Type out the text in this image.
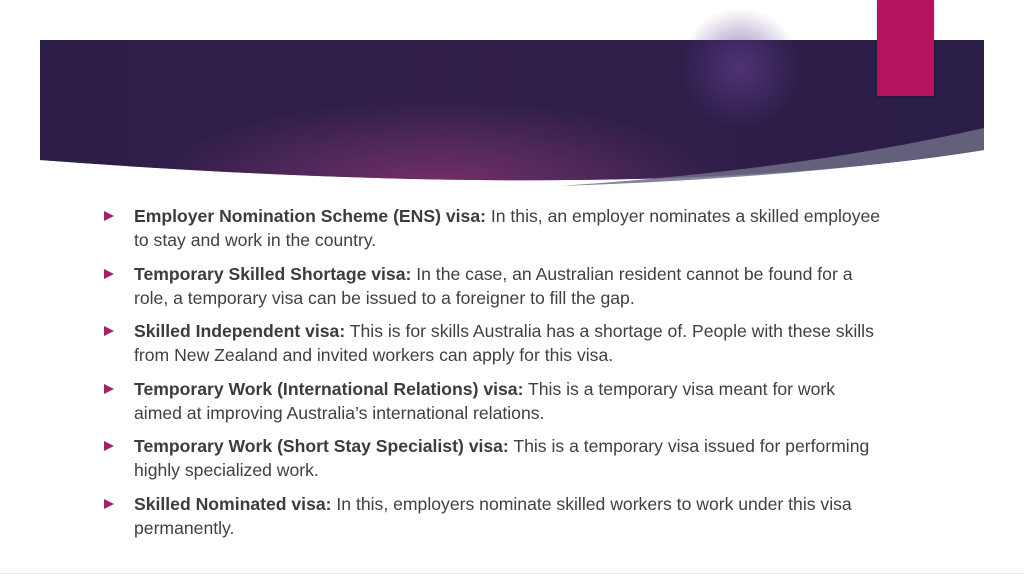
Employer Nomination Scheme (ENS) visa: In this, an employer nominates a skilled employee to stay and work in the country.
Temporary Skilled Shortage visa: In the case, an Australian resident cannot be found for a role, a temporary visa can be issued to a foreigner to fill the gap.
Skilled Independent visa: This is for skills Australia has a shortage of. People with these skills from New Zealand and invited workers can apply for this visa.
Temporary Work (International Relations) visa: This is a temporary visa meant for work aimed at improving Australia’s international relations.
Temporary Work (Short Stay Specialist) visa: This is a temporary visa issued for performing highly specialized work.
Skilled Nominated visa: In this, employers nominate skilled workers to work under this visa permanently.
